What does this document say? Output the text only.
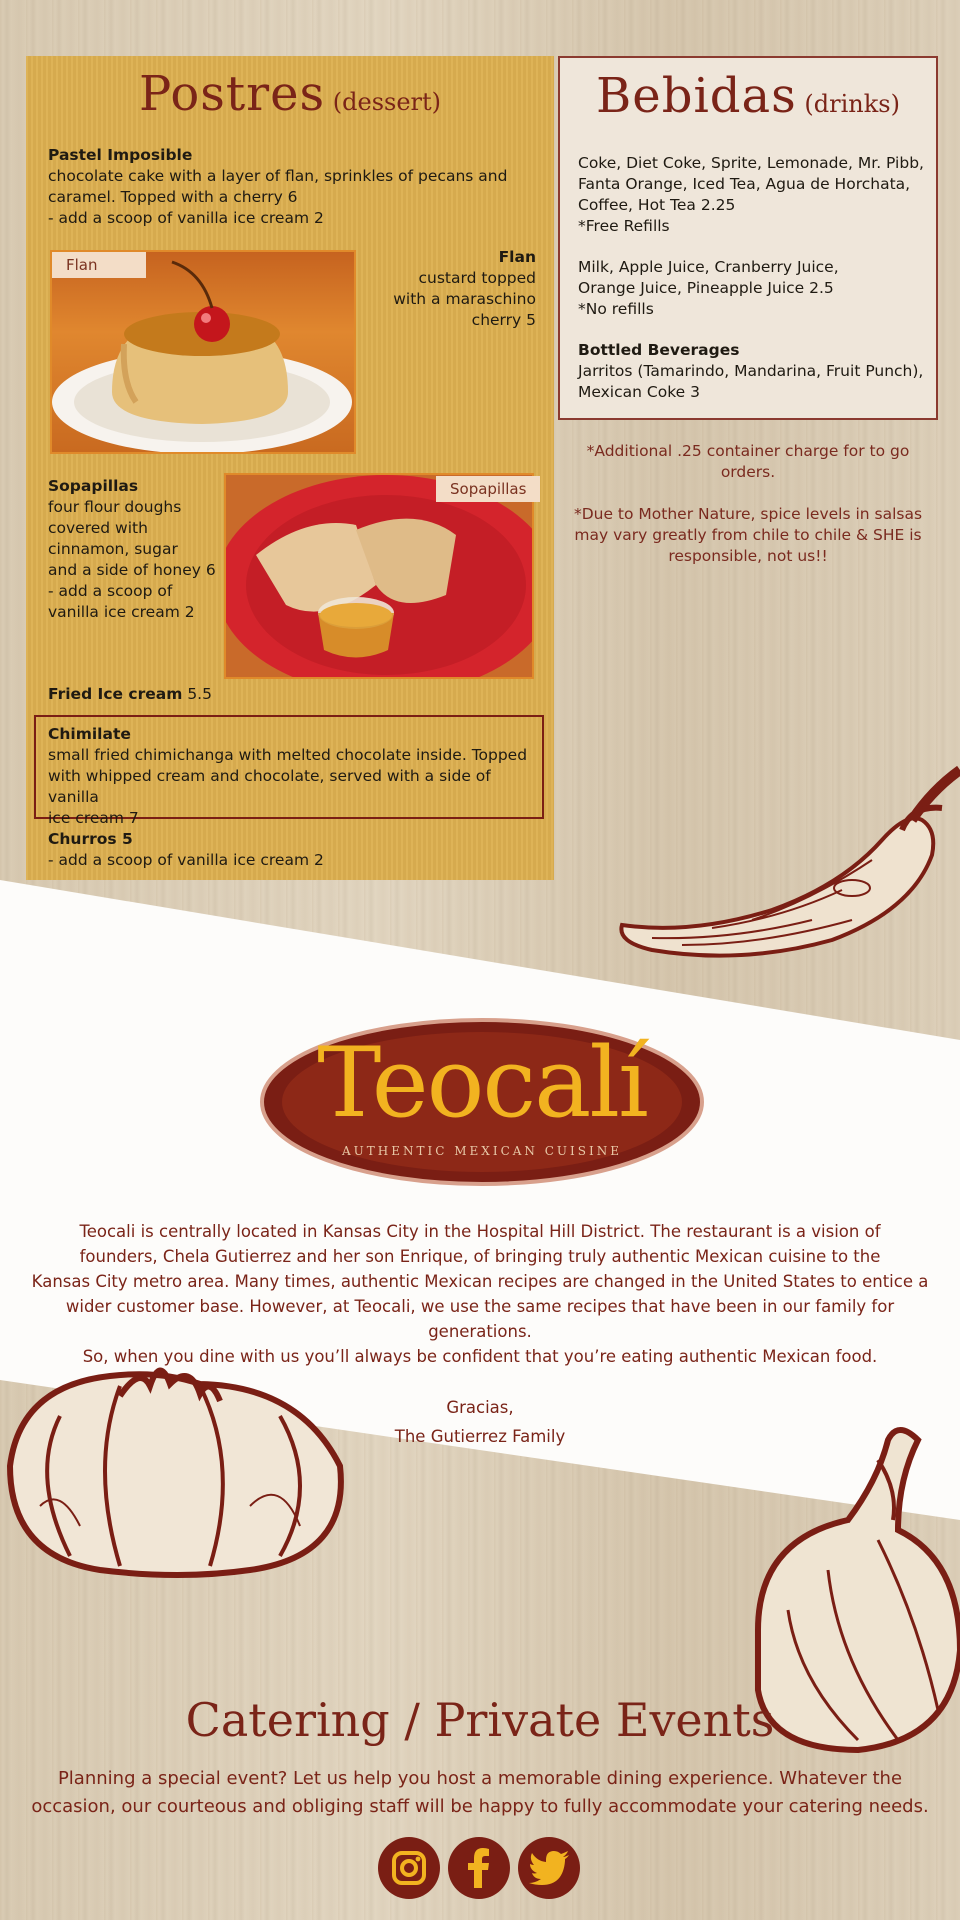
Postres (dessert)
Pastel Imposible
chocolate cake with a layer of flan, sprinkles of pecans and
caramel. Topped with a cherry 6
- add a scoop of vanilla ice cream 2
Flan	Flan
custard topped
with a maraschino
cherry 5
Sopapillas
four flour doughs
covered with
cinnamon, sugar
and a side of honey 6
- add a scoop of
vanilla ice cream 2
Sopapillas
Fried Ice cream 5.5
Chimilate
small fried chimichanga with melted chocolate inside. Topped
with whipped cream and chocolate, served with a side of vanilla
ice cream 7
Churros 5
- add a scoop of vanilla ice cream 2
Bebidas (drinks)
Coke, Diet Coke, Sprite, Lemonade, Mr. Pibb,
Fanta Orange, Iced Tea, Agua de Horchata,
Coffee, Hot Tea 2.25
*Free Refills
Milk, Apple Juice, Cranberry Juice,
Orange Juice, Pineapple Juice 2.5
*No refills
Bottled Beverages
Jarritos (Tamarindo, Mandarina, Fruit Punch),
Mexican Coke 3
*Additional .25 container charge for to go
orders.
*Due to Mother Nature, spice levels in salsas
may vary greatly from chile to chile & SHE is
responsible, not us!!
Teocalí
AUTHENTIC MEXICAN CUISINE
Teocali is centrally located in Kansas City in the Hospital Hill District. The restaurant is a vision of
founders, Chela Gutierrez and her son Enrique, of bringing truly authentic Mexican cuisine to the
Kansas City metro area. Many times, authentic Mexican recipes are changed in the United States to entice a
wider customer base. However, at Teocali, we use the same recipes that have been in our family for generations.
So, when you dine with us you’ll always be confident that you’re eating authentic Mexican food.
Gracias,
The Gutierrez Family
Catering / Private Events
Planning a special event? Let us help you host a memorable dining experience. Whatever the
occasion, our courteous and obliging staff will be happy to fully accommodate your catering needs.
